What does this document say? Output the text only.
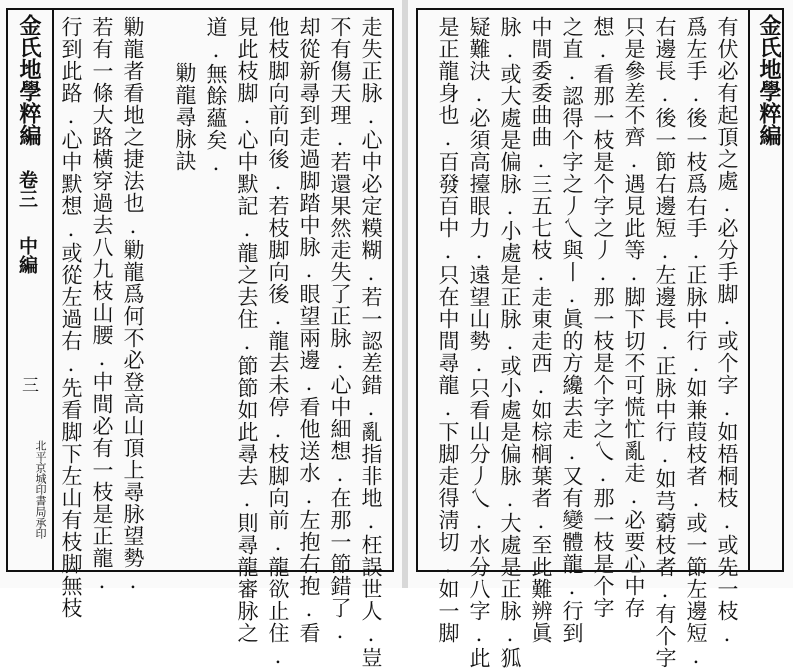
金氏地學粹編
卷三
中編
三
北平京城印書局承印	走失正脉.心中必定糢糊.若一認差錯.亂指非地.枉誤世人.豈
不有傷天理.若還果然走失了正脉.心中細想.在那一節錯了.
却從新尋到走過脚踏中脉.眼望兩邊.看他送水.左抱右抱.看
他枝脚向前向後.若枝脚向後.龍去未停.枝脚向前.龍欲止住.
見此枝脚.心中默記.龍之去住.節節如此尋去.則尋龍審脉之
道.無餘蘊矣.
勦龍尋脉訣
勦龍者看地之捷法也.勦龍爲何不必登高山頂上尋脉望勢.
若有一條大路橫穿過去八九枝山腰.中間必有一枝是正龍.
行到此路.心中默想.或從左過右.先看脚下左山有枝脚無枝	金氏地學粹編
有伏必有起頂之處.必分手脚.或个字.如梧桐枝.或先一枝.
爲左手.後一枝爲右手.正脉中行.如兼葭枝者.或一節左邊短.
右邊長.後一節右邊短.左邊長.正脉中行.如芎藭枝者.有个字
只是參差不齊.遇見此等.脚下切不可慌忙亂走.必要心中存
想.看那一枝是个字之丿.那一枝是个字之乀.那一枝是个字
之直.認得个字之丿乀與丨.眞的方纔去走.又有變體龍.行到
中間委委曲曲.三五七枝.走東走西.如棕榈葉者.至此難辨眞
脉.或大處是偏脉.小處是正脉.或小處是偏脉.大處是正脉.狐
疑難決.必須高擡眼力.遠望山勢.只看山分丿乀.水分八字.此
是正龍身也.百發百中.只在中間尋龍.下脚走得淸切.如一脚
